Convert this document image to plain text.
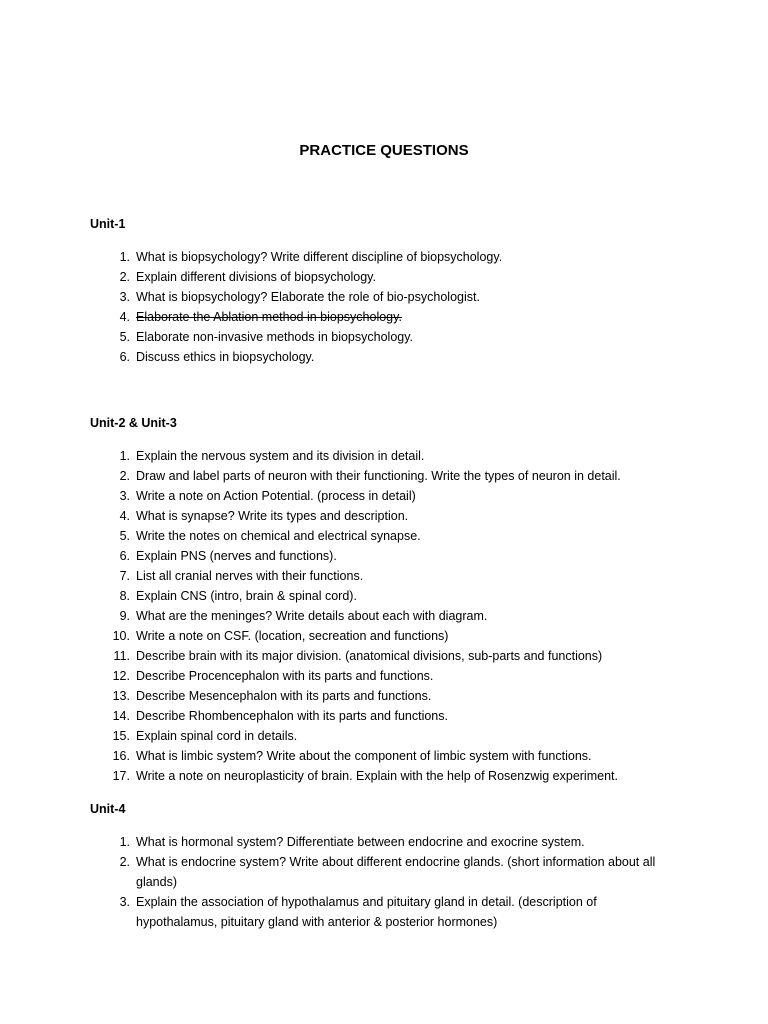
PRACTICE QUESTIONS
Unit-1
1. What is biopsychology? Write different discipline of biopsychology.
2. Explain different divisions of biopsychology.
3. What is biopsychology? Elaborate the role of bio-psychologist.
4. Elaborate the Ablation method in biopsychology.
5. Elaborate non-invasive methods in biopsychology.
6. Discuss ethics in biopsychology.
Unit-2 & Unit-3
1. Explain the nervous system and its division in detail.
2. Draw and label parts of neuron with their functioning. Write the types of neuron in detail.
3. Write a note on Action Potential. (process in detail)
4. What is synapse? Write its types and description.
5. Write the notes on chemical and electrical synapse.
6. Explain PNS (nerves and functions).
7. List all cranial nerves with their functions.
8. Explain CNS (intro, brain & spinal cord).
9. What are the meninges? Write details about each with diagram.
10. Write a note on CSF. (location, secreation and functions)
11. Describe brain with its major division. (anatomical divisions, sub-parts and functions)
12. Describe Procencephalon with its parts and functions.
13. Describe Mesencephalon with its parts and functions.
14. Describe Rhombencephalon with its parts and functions.
15. Explain spinal cord in details.
16. What is limbic system? Write about the component of limbic system with functions.
17. Write a note on neuroplasticity of brain. Explain with the help of Rosenzwig experiment.
Unit-4
1. What is hormonal system? Differentiate between endocrine and exocrine system.
2. What is endocrine system? Write about different endocrine glands. (short information about all glands)
3. Explain the association of hypothalamus and pituitary gland in detail. (description of hypothalamus, pituitary gland with anterior & posterior hormones)
